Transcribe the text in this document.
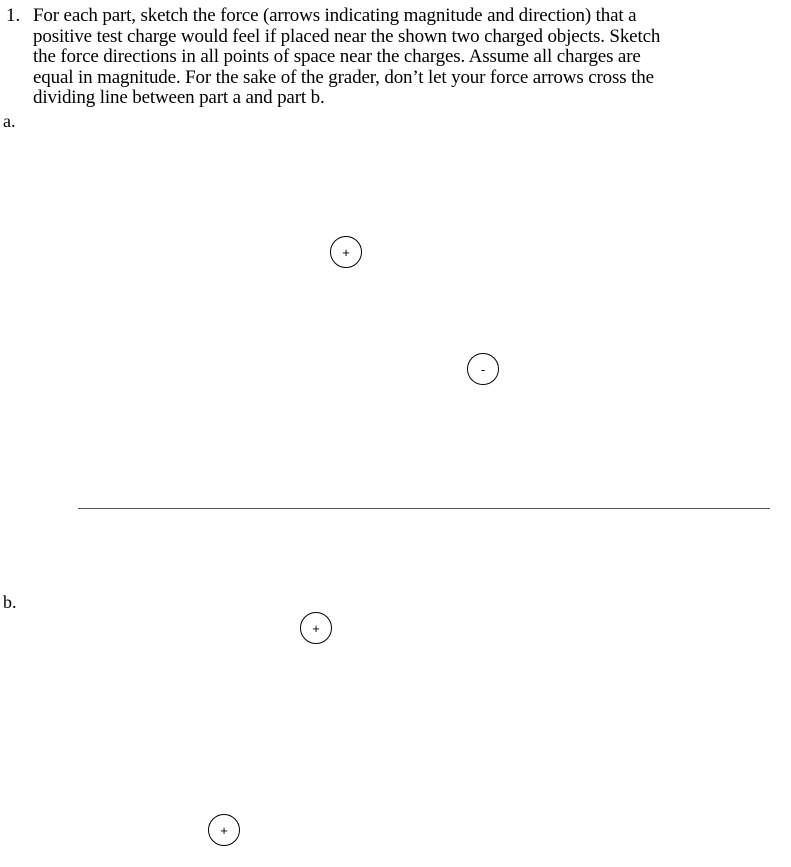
1. For each part, sketch the force (arrows indicating magnitude and direction) that a
positive test charge would feel if placed near the shown two charged objects. Sketch
the force directions in all points of space near the charges. Assume all charges are
equal in magnitude. For the sake of the grader, don’t let your force arrows cross the
dividing line between part a and part b.
a.
+
-
b.
+
+
